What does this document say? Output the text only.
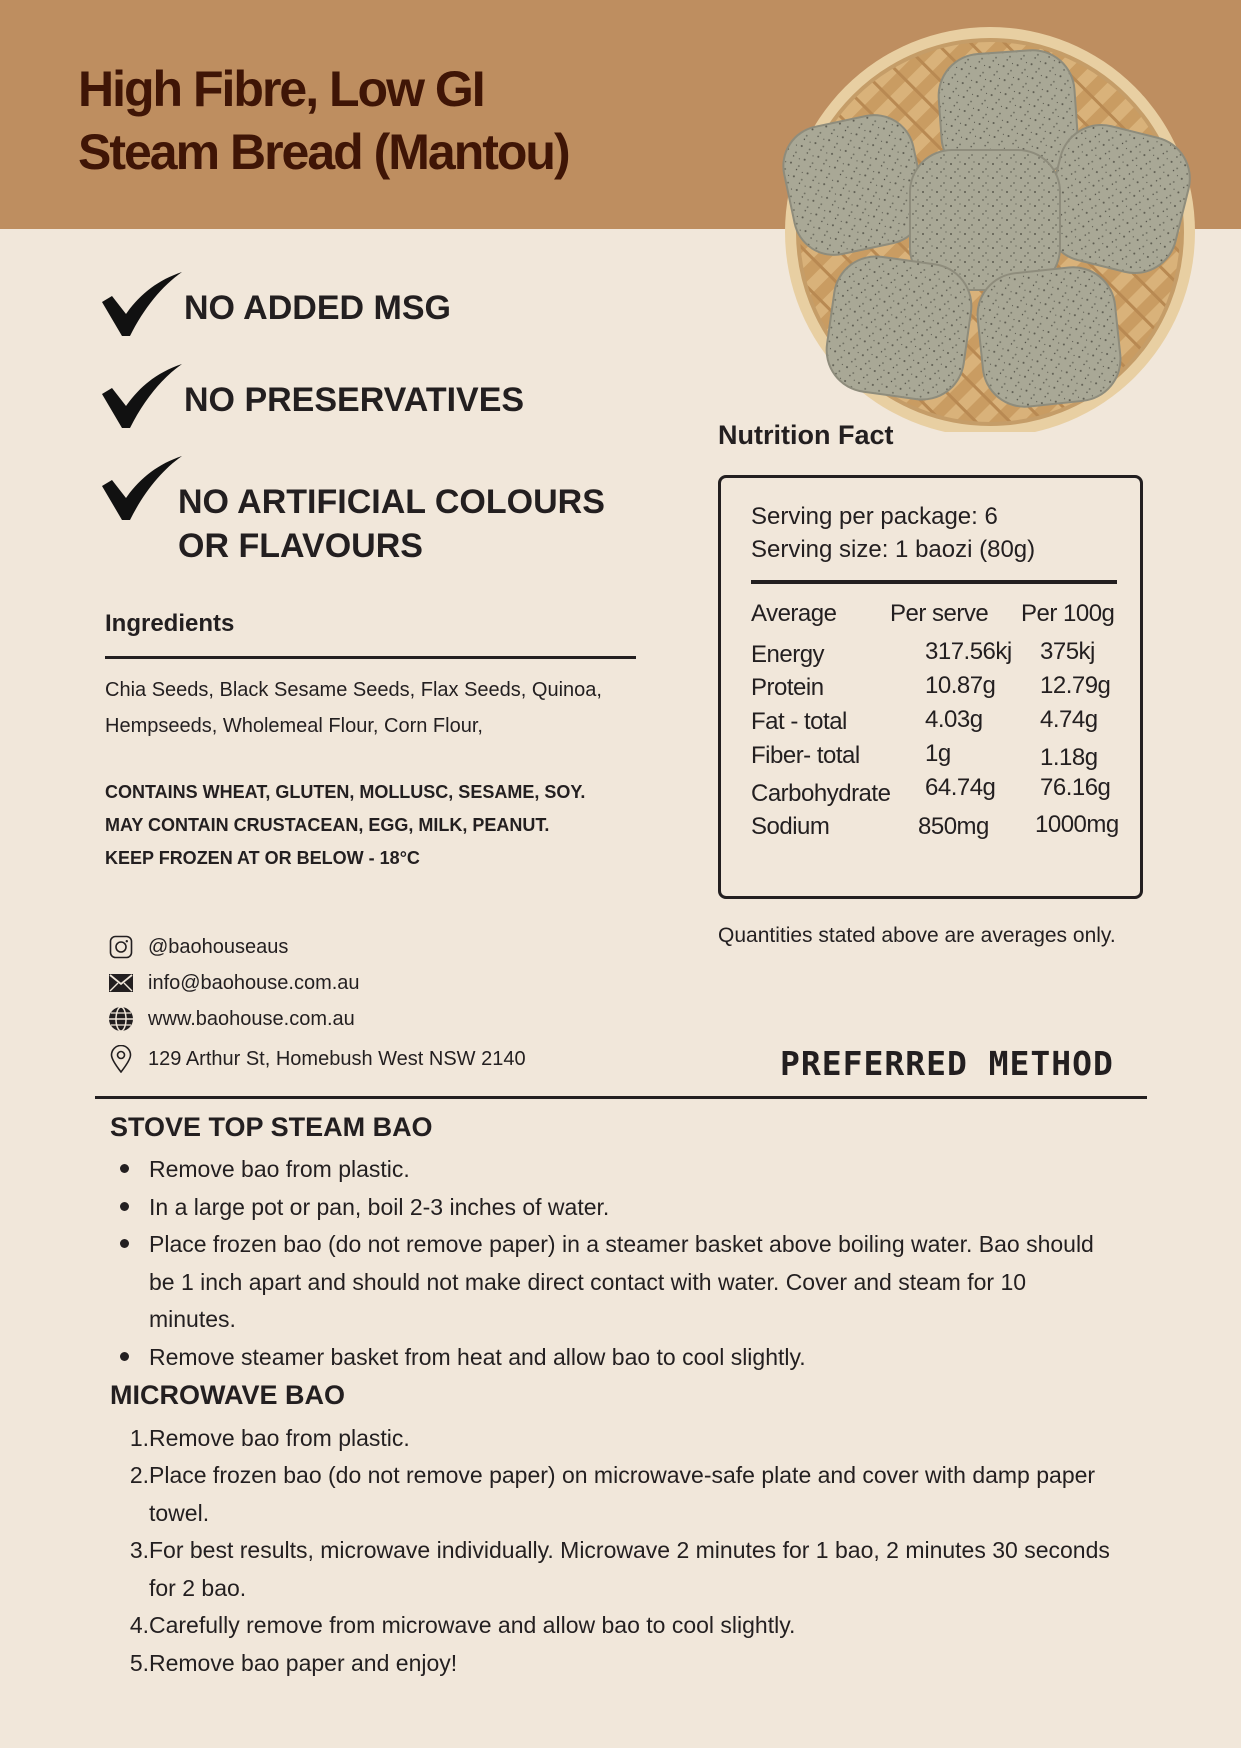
High Fibre, Low GI
Steam Bread (Mantou)
NO ADDED MSG
NO PRESERVATIVES
NO ARTIFICIAL COLOURS
OR FLAVOURS
Ingredients
Chia Seeds, Black Sesame Seeds, Flax Seeds, Quinoa,
Hempseeds, Wholemeal Flour, Corn Flour,
CONTAINS WHEAT, GLUTEN, MOLLUSC, SESAME, SOY.
MAY CONTAIN CRUSTACEAN, EGG, MILK, PEANUT.
KEEP FROZEN AT OR BELOW - 18°C
@baohouseaus
info@baohouse.com.au
www.baohouse.com.au
129 Arthur St, Homebush West NSW 2140
Nutrition Fact
Serving per package: 6
Serving size: 1 baozi (80g)
Average Per serve Per 100g
Energy	317.56kj 375kj
Protein	10.87g 12.79g
Fat - total	4.03g 4.74g
Fiber- total	1g	1.18g
Carbohydrate 64.74g 76.16g
Sodium	850mg 1000mg
Quantities stated above are averages only.
PREFERRED METHOD
STOVE TOP STEAM BAO
Remove bao from plastic.
In a large pot or pan, boil 2-3 inches of water.
Place frozen bao (do not remove paper) in a steamer basket above boiling water. Bao should
be 1 inch apart and should not make direct contact with water. Cover and steam for 10
minutes.
Remove steamer basket from heat and allow bao to cool slightly.
MICROWAVE BAO
1. Remove bao from plastic.
2. Place frozen bao (do not remove paper) on microwave-safe plate and cover with damp paper
towel.
3. For best results, microwave individually. Microwave 2 minutes for 1 bao, 2 minutes 30 seconds
for 2 bao.
4. Carefully remove from microwave and allow bao to cool slightly.
5. Remove bao paper and enjoy!
